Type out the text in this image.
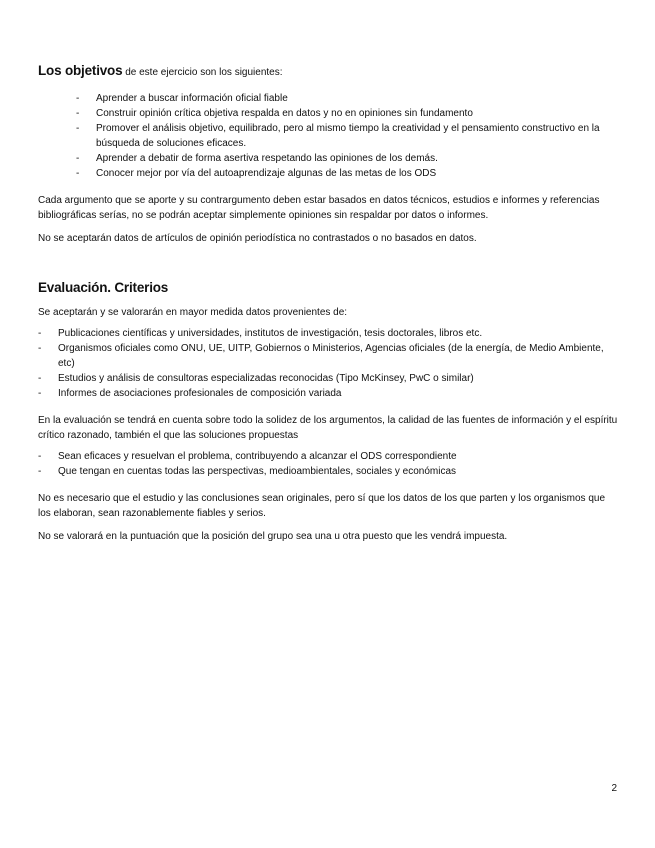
Los objetivos de este ejercicio son los siguientes:
- Aprender a buscar información oficial fiable
- Construir opinión crítica objetiva respalda en datos y no en opiniones sin fundamento
- Promover el análisis objetivo, equilibrado, pero al mismo tiempo la creatividad y el pensamiento constructivo en la búsqueda de soluciones eficaces.
- Aprender a debatir de forma asertiva respetando las opiniones de los demás.
- Conocer mejor por vía del autoaprendizaje algunas de las metas de los ODS

Cada argumento que se aporte y su contrargumento deben estar basados en datos técnicos, estudios e informes y referencias bibliográficas serías, no se podrán aceptar simplemente opiniones sin respaldar por datos o informes.

No se aceptarán datos de artículos de opinión periodística no contrastados o no basados en datos.

Evaluación. Criterios

Se aceptarán y se valorarán en mayor medida datos provenientes de:

- Publicaciones científicas y universidades, institutos de investigación, tesis doctorales, libros etc.
- Organismos oficiales como ONU, UE, UITP, Gobiernos o Ministerios, Agencias oficiales (de la energía, de Medio Ambiente, etc)
- Estudios y análisis de consultoras especializadas reconocidas (Tipo McKinsey, PwC o similar)
- Informes de asociaciones profesionales de composición variada

En la evaluación se tendrá en cuenta sobre todo la solidez de los argumentos, la calidad de las fuentes de información y el espíritu crítico razonado, también el que las soluciones propuestas

- Sean eficaces y resuelvan el problema, contribuyendo a alcanzar el ODS correspondiente
- Que tengan en cuentas todas las perspectivas, medioambientales, sociales y económicas

No es necesario que el estudio y las conclusiones sean originales, pero sí que los datos de los que parten y los organismos que los elaboran, sean razonablemente fiables y serios.

No se valorará en la puntuación que la posición del grupo sea una u otra puesto que les vendrá impuesta.

2
